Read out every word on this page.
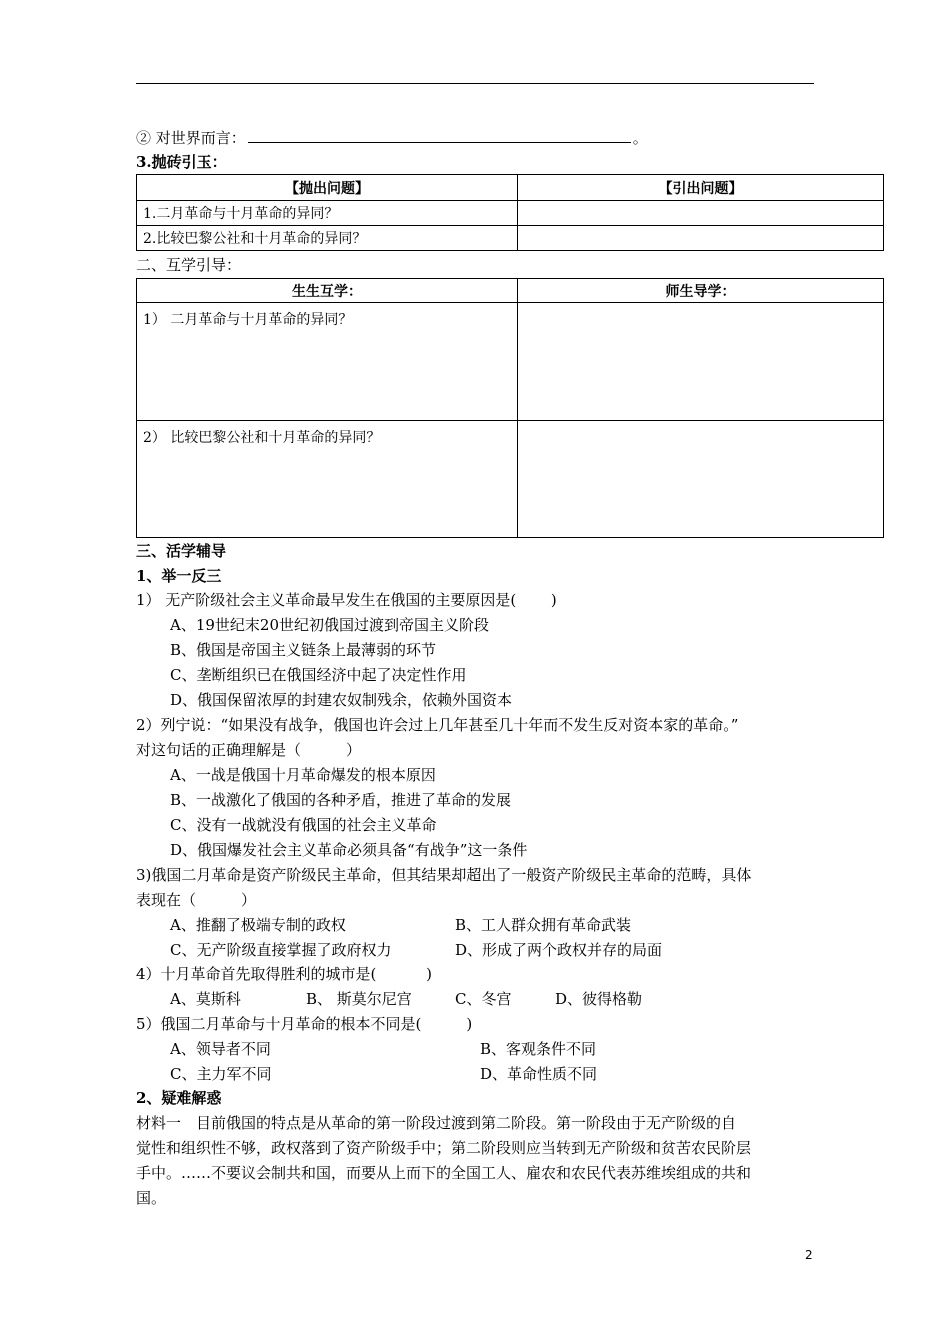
② 对世界而言：	。
3.抛砖引玉：
【抛出问题】	【引出问题】
1.二月革命与十月革命的异同？	
2.比较巴黎公社和十月革命的异同？	
二、互学引导：
生生互学：	师生导学：
1） 二月革命与十月革命的异同？	
2） 比较巴黎公社和十月革命的异同？	
三、活学辅导
1、举一反三
1） 无产阶级社会主义革命最早发生在俄国的主要原因是(　　 )
A、19世纪末20世纪初俄国过渡到帝国主义阶段
B、俄国是帝国主义链条上最薄弱的环节
C、垄断组织已在俄国经济中起了决定性作用
D、俄国保留浓厚的封建农奴制残余，依赖外国资本
2）列宁说：“如果没有战争，俄国也许会过上几年甚至几十年而不发生反对资本家的革命。”
对这句话的正确理解是（　　　）
A、一战是俄国十月革命爆发的根本原因
B、一战激化了俄国的各种矛盾，推进了革命的发展
C、没有一战就没有俄国的社会主义革命
D、俄国爆发社会主义革命必须具备“有战争”这一条件
3)俄国二月革命是资产阶级民主革命，但其结果却超出了一般资产阶级民主革命的范畴，具体
表现在（　　　）
A、推翻了极端专制的政权	B、工人群众拥有革命武装
C、无产阶级直接掌握了政府权力	D、形成了两个政权并存的局面
4）十月革命首先取得胜利的城市是(　　　 )
A、莫斯科	B、 斯莫尔尼宫	C、冬宫	D、彼得格勒
5）俄国二月革命与十月革命的根本不同是(　　　)
A、领导者不同	B、客观条件不同
C、主力军不同	D、革命性质不同
2、疑难解惑
材料一　目前俄国的特点是从革命的第一阶段过渡到第二阶段。第一阶段由于无产阶级的自
觉性和组织性不够，政权落到了资产阶级手中；第二阶段则应当转到无产阶级和贫苦农民阶层
手中。……不要议会制共和国，而要从上而下的全国工人、雇农和农民代表苏维埃组成的共和
国。
2
